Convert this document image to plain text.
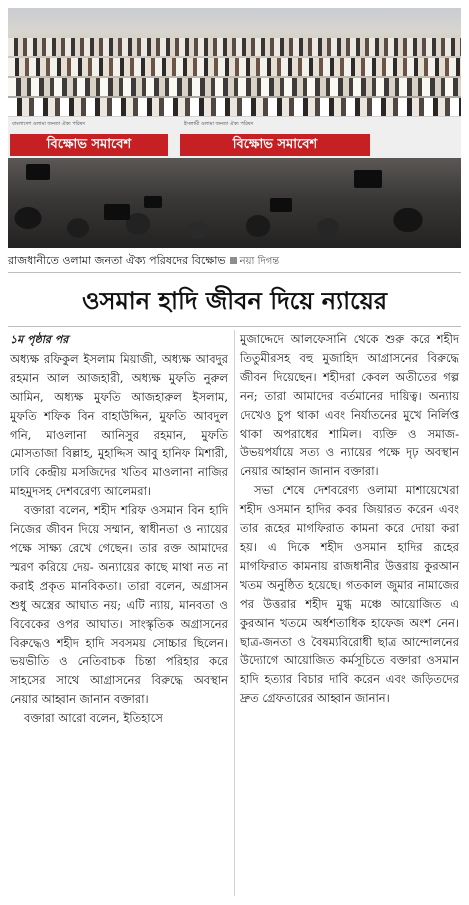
বাংলাদেশ ওলামা জনতা ঐক্য পরিষদ	ইসলামী ওলামা জনতা ঐক্য পরিষদ
বিক্ষোভ সমাবেশ	বিক্ষোভ সমাবেশ
রাজধানীতে ওলামা জনতা ঐক্য পরিষদের বিক্ষোভ নয়া দিগন্ত
ওসমান হাদি জীবন দিয়ে ন্যায়ের

১ম পৃষ্ঠার পর
অধ্যক্ষ রফিকুল ইসলাম মিয়াজী, অধ্যক্ষ আবদুর রহমান আল আজহারী, অধ্যক্ষ মুফতি নুরুল আমিন, অধ্যক্ষ মুফতি আজহারুল ইসলাম, মুফতি শফিক বিন বাহাউদ্দিন, মুফতি আবদুল গনি, মাওলানা আনিসুর রহমান, মুফতি মোসতাজা বিল্লাহ, মুহাদ্দিস আবু হানিফ মিশারী, ঢাবি কেন্দ্রীয় মসজিদের খতিব মাওলানা নাজির মাহমুদসহ দেশবরেণ্য আলেমরা।

বক্তারা বলেন, শহীদ শরিফ ওসমান বিন হাদি নিজের জীবন দিয়ে সম্মান, স্বাধীনতা ও ন্যায়ের পক্ষে সাক্ষ্য রেখে গেছেন। তার রক্ত আমাদের স্মরণ করিয়ে দেয়- অন্যায়ের কাছে মাথা নত না করাই প্রকৃত মানবিকতা। তারা বলেন, অগ্রাসন শুধু অস্ত্রের আঘাত নয়; এটি ন্যায়, মানবতা ও বিবেকের ওপর আঘাত। সাংস্কৃতিক অগ্রাসনের বিরুদ্ধেও শহীদ হাদি সবসময় সোচ্চার ছিলেন। ভয়ভীতি ও নেতিবাচক চিন্তা পরিহার করে সাহসের সাথে আগ্রাসনের বিরুদ্ধে অবস্থান নেয়ার আহ্বান জানান বক্তারা।

বক্তারা আরো বলেন, ইতিহাসে

মুজাদ্দেদে আলফেসানি থেকে শুরু করে শহীদ তিতুমীরসহ বহু মুজাহিদ আগ্রাসনের বিরুদ্ধে জীবন দিয়েছেন। শহীদরা কেবল অতীতের গল্প নন; তারা আমাদের বর্তমানের দায়িত্ব। অন্যায় দেখেও চুপ থাকা এবং নির্যাতনের মুখে নির্লিপ্ত থাকা অপরাধের শামিল। ব্যক্তি ও সমাজ-উভয়পর্যায়ে সত্য ও ন্যায়ের পক্ষে দৃঢ় অবস্থান নেয়ার আহ্বান জানান বক্তারা।

সভা শেষে দেশবরেণ্য ওলামা মাশায়েখেরা শহীদ ওসমান হাদির কবর জিয়ারত করেন এবং তার রূহের মাগফিরাত কামনা করে দোয়া করা হয়। এ দিকে শহীদ ওসমান হাদির রূহের মাগফিরাত কামনায় রাজধানীর উত্তরায় কুরআন খতম অনুষ্ঠিত হয়েছে। গতকাল জুমার নামাজের পর উত্তরার শহীদ মুগ্ধ মঞ্চে আয়োজিত এ কুরআন খতমে অর্ধশতাধিক হাফেজ অংশ নেন। ছাত্র-জনতা ও বৈষম্যবিরোধী ছাত্র আন্দোলনের উদ্যোগে আয়োজিত কর্মসূচিতে বক্তারা ওসমান হাদি হত্যার বিচার দাবি করেন এবং জড়িতদের দ্রুত গ্রেফতারের আহ্বান জানান।
